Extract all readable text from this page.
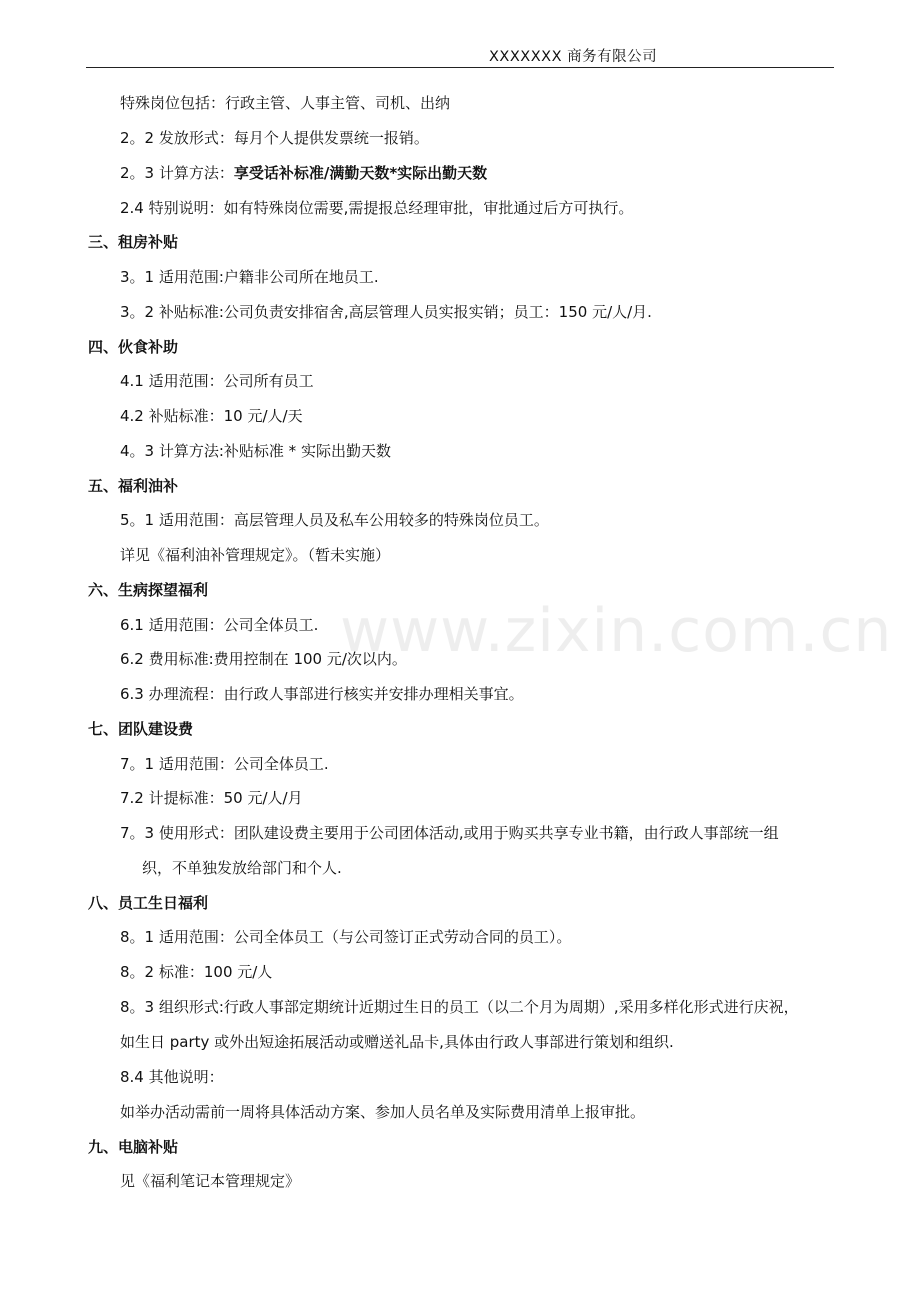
XXXXXXX 商务有限公司
www.zixin.com.cn
特殊岗位包括：行政主管、人事主管、司机、出纳
2。2 发放形式：每月个人提供发票统一报销。
2。3 计算方法：享受话补标准/满勤天数*实际出勤天数
2.4 特别说明：如有特殊岗位需要,需提报总经理审批，审批通过后方可执行。
三、租房补贴
3。1 适用范围:户籍非公司所在地员工.
3。2 补贴标准:公司负责安排宿舍,高层管理人员实报实销；员工：150 元/人/月.
四、伙食补助
4.1 适用范围：公司所有员工
4.2 补贴标准：10 元/人/天
4。3 计算方法:补贴标准 * 实际出勤天数
五、福利油补
5。1 适用范围：高层管理人员及私车公用较多的特殊岗位员工。
详见《福利油补管理规定》。（暂未实施）
六、生病探望福利
6.1 适用范围：公司全体员工.
6.2 费用标准:费用控制在 100 元/次以内。
6.3 办理流程：由行政人事部进行核实并安排办理相关事宜。
七、团队建设费
7。1 适用范围：公司全体员工.
7.2 计提标准：50 元/人/月
7。3 使用形式：团队建设费主要用于公司团体活动,或用于购买共享专业书籍，由行政人事部统一组
织，不单独发放给部门和个人.
八、员工生日福利
8。1 适用范围：公司全体员工（与公司签订正式劳动合同的员工）。
8。2 标准：100 元/人
8。3 组织形式:行政人事部定期统计近期过生日的员工（以二个月为周期）,采用多样化形式进行庆祝，
如生日 party 或外出短途拓展活动或赠送礼品卡,具体由行政人事部进行策划和组织.
8.4 其他说明：
如举办活动需前一周将具体活动方案、参加人员名单及实际费用清单上报审批。
九、电脑补贴
见《福利笔记本管理规定》
